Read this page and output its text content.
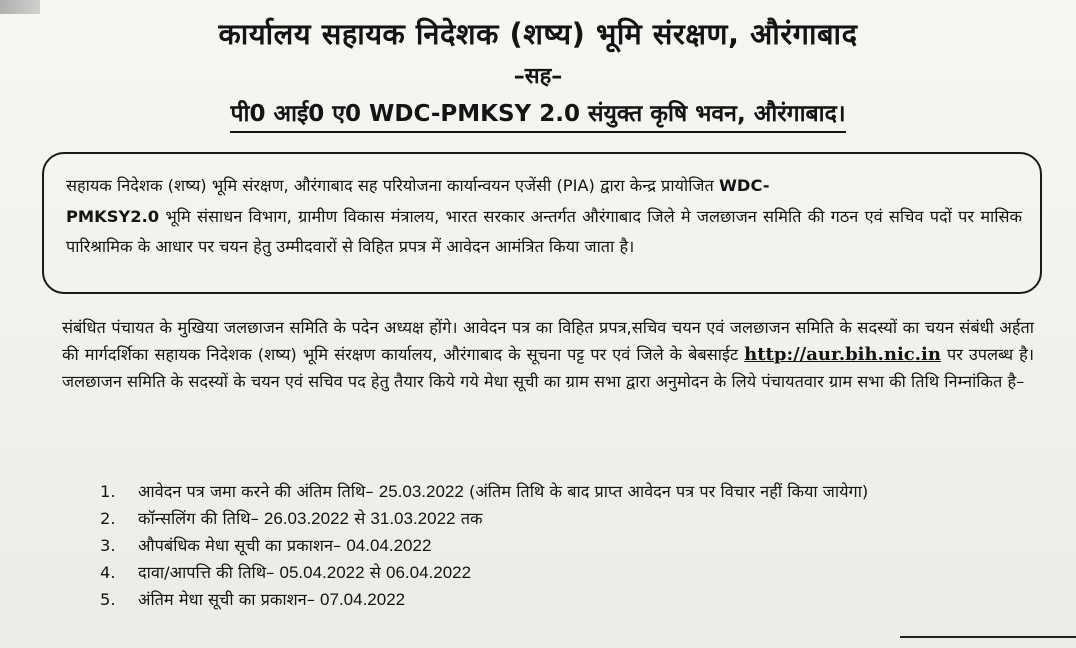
कार्यालय सहायक निदेशक (शष्य) भूमि संरक्षण, औरंगाबाद
–सह–
पी0 आई0 ए0 WDC-PMKSY 2.0 संयुक्त कृषि भवन, औरंगाबाद।
सहायक निदेशक (शष्य) भूमि संरक्षण, औरंगाबाद सह परियोजना कार्यान्वयन एजेंसी (PIA) द्वारा केन्द्र प्रायोजित WDC-
PMKSY2.0 भूमि संसाधन विभाग, ग्रामीण विकास मंत्रालय, भारत सरकार अन्तर्गत औरंगाबाद जिले मे जलछाजन समिति की गठन एवं सचिव पदों पर मासिक पारिश्रामिक के आधार पर चयन हेतु उम्मीदवारों से विहित प्रपत्र में आवेदन आमंत्रित किया जाता है।
संबंधित पंचायत के मुखिया जलछाजन समिति के पदेन अध्यक्ष होंगे। आवेदन पत्र का विहित प्रपत्र,सचिव चयन एवं जलछाजन समिति के सदस्यों का चयन संबंधी अर्हता की मार्गदर्शिका सहायक निदेशक (शष्य) भूमि संरक्षण कार्यालय, औरंगाबाद के सूचना पट्ट पर एवं जिले के बेबसाईट http://aur.bih.nic.in पर उपलब्ध है। जलछाजन समिति के सदस्यों के चयन एवं सचिव पद हेतु तैयार किये गये मेधा सूची का ग्राम सभा द्वारा अनुमोदन के लिये पंचायतवार ग्राम सभा की तिथि निम्नांकित है–
1. आवेदन पत्र जमा करने की अंतिम तिथि– 25.03.2022 (अंतिम तिथि के बाद प्राप्त आवेदन पत्र पर विचार नहीं किया जायेगा)
2. कॉन्सलिंग की तिथि– 26.03.2022 से 31.03.2022 तक
3. औपबंधिक मेधा सूची का प्रकाशन– 04.04.2022
4. दावा/आपत्ति की तिथि– 05.04.2022 से 06.04.2022
5. अंतिम मेधा सूची का प्रकाशन– 07.04.2022
